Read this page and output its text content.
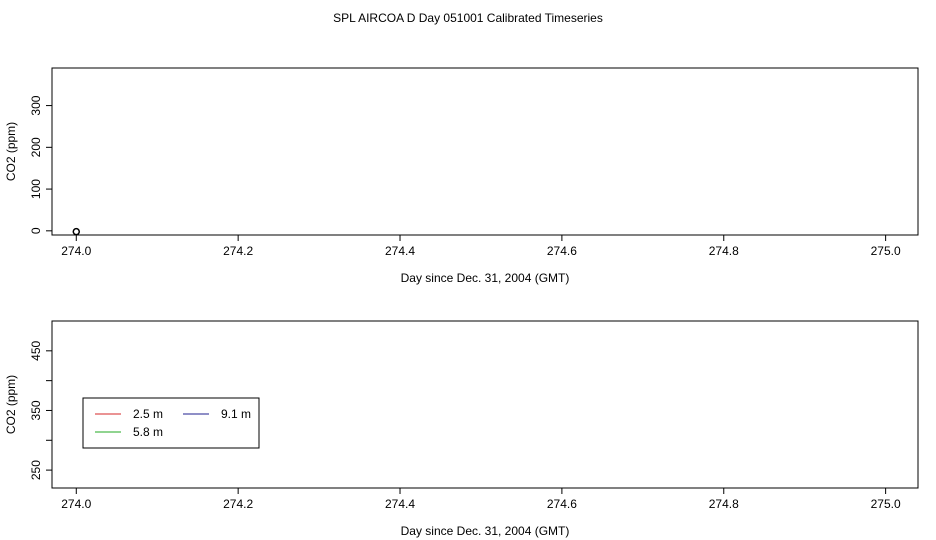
SPL AIRCOA D Day 051001 Calibrated Timeseries
274.0	274.2	274.4	274.6	274.8	275.0
Day since Dec. 31, 2004 (GMT)
0
100
200
300
CO2 (ppm)
274.0	274.2	274.4	274.6	274.8	275.0
Day since Dec. 31, 2004 (GMT)
250
350
450
CO2 (ppm)	2.5 m
5.8 m
9.1 m
